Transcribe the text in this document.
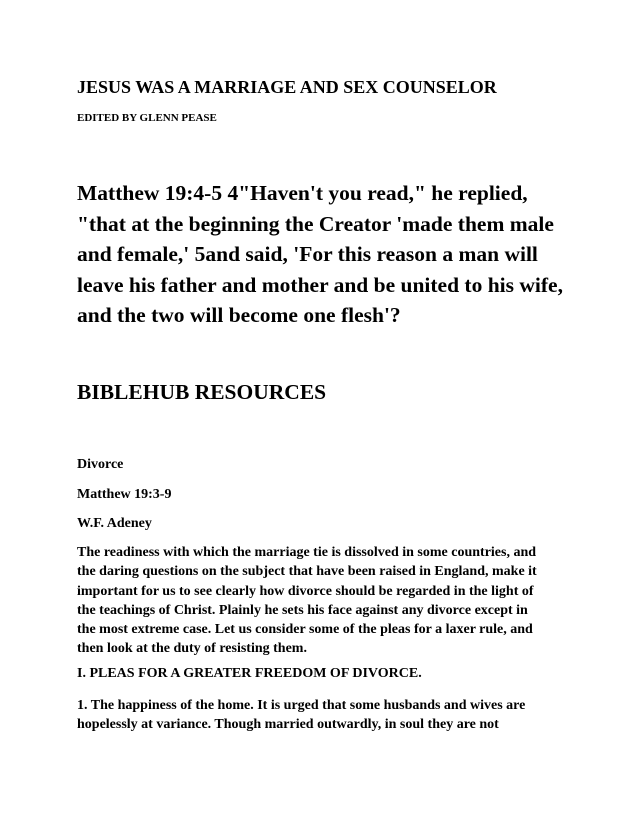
JESUS WAS A MARRIAGE AND SEX COUNSELOR
EDITED BY GLENN PEASE

Matthew 19:4-5 4"Haven't you read," he replied,
"that at the beginning the Creator 'made them male
and female,' 5and said, 'For this reason a man will
leave his father and mother and be united to his wife,
and the two will become one flesh'?

BIBLEHUB RESOURCES
Divorce
Matthew 19:3-9
W.F. Adeney

The readiness with which the marriage tie is dissolved in some countries, and
the daring questions on the subject that have been raised in England, make it
important for us to see clearly how divorce should be regarded in the light of
the teachings of Christ. Plainly he sets his face against any divorce except in
the most extreme case. Let us consider some of the pleas for a laxer rule, and
then look at the duty of resisting them.

I. PLEAS FOR A GREATER FREEDOM OF DIVORCE.

1. The happiness of the home. It is urged that some husbands and wives are
hopelessly at variance. Though married outwardly, in soul they are not
